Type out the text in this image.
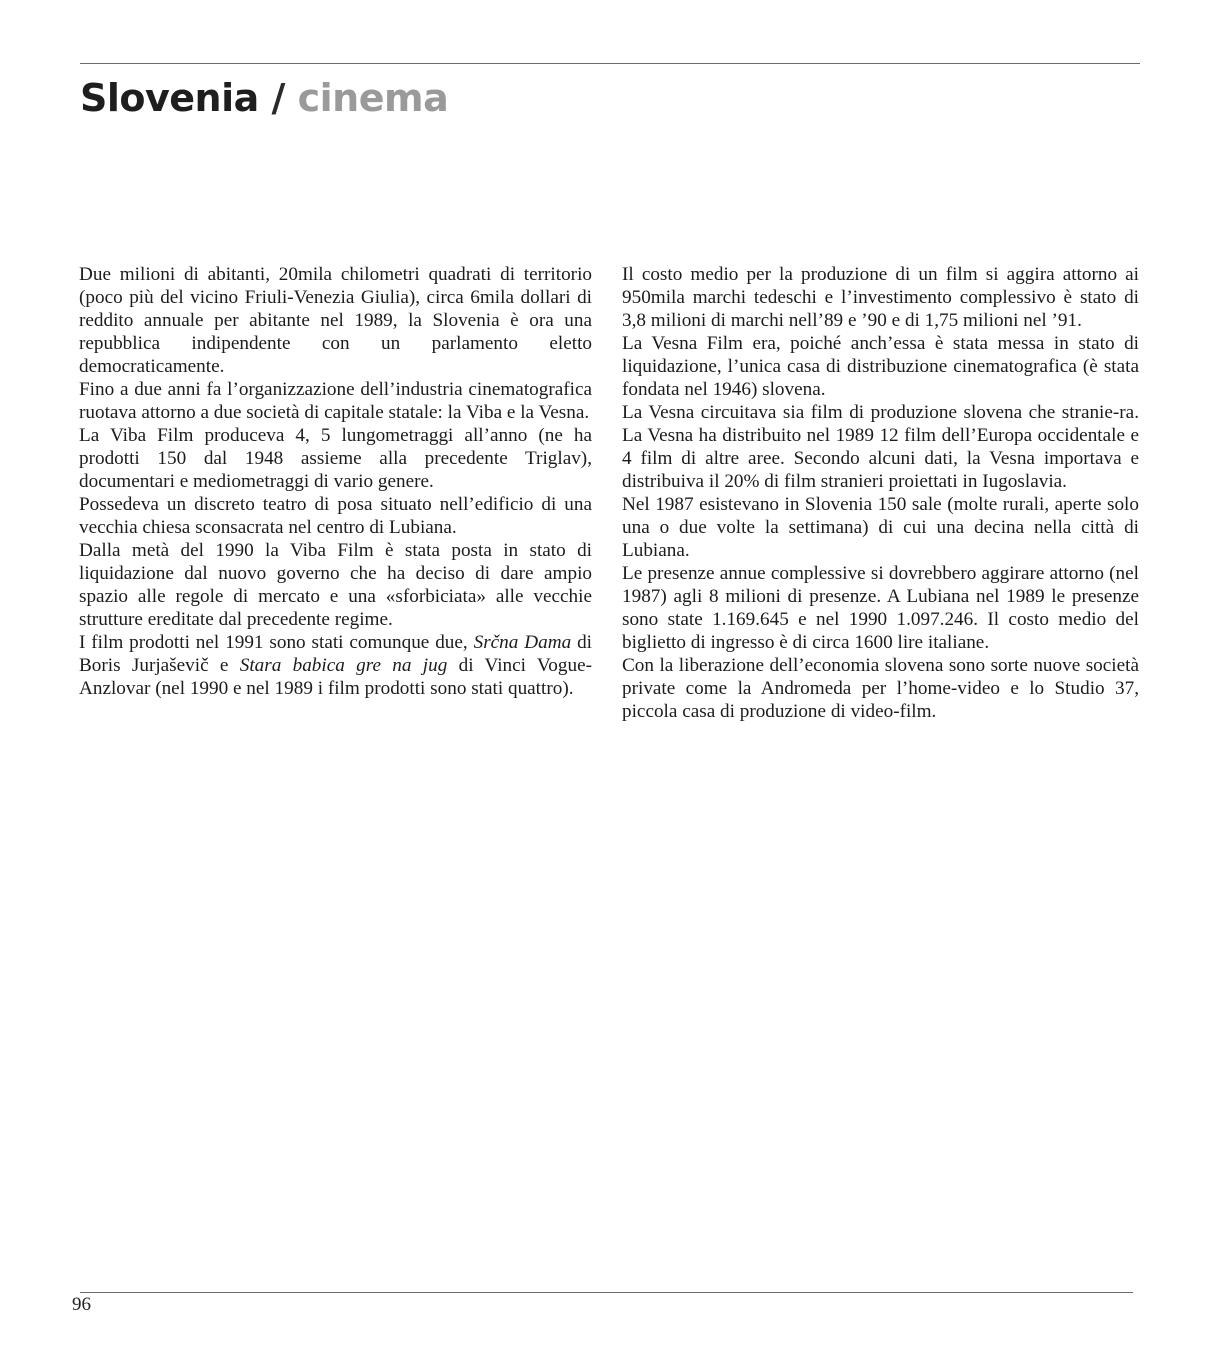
Slovenia / cinema

Due milioni di abitanti, 20mila chilometri quadrati di territorio (poco più del vicino Friuli-Venezia Giulia), circa 6mila dollari di reddito annuale per abitante nel 1989, la Slovenia è ora una repubblica indipendente con un parlamento eletto democraticamente.

Fino a due anni fa l’organizzazione dell’industria cinematografica ruotava attorno a due società di capitale statale: la Viba e la Vesna.

La Viba Film produceva 4, 5 lungometraggi all’anno (ne ha prodotti 150 dal 1948 assieme alla precedente Triglav), documentari e mediometraggi di vario genere.

Possedeva un discreto teatro di posa situato nell’edificio di una vecchia chiesa sconsacrata nel centro di Lubiana.

Dalla metà del 1990 la Viba Film è stata posta in stato di liquidazione dal nuovo governo che ha deciso di dare ampio spazio alle regole di mercato e una «sforbiciata» alle vecchie strutture ereditate dal precedente regime.

I film prodotti nel 1991 sono stati comunque due, Srčna Dama di Boris Jurjaševič e Stara babica gre na jug di Vinci Vogue-Anzlovar (nel 1990 e nel 1989 i film prodotti sono stati quattro).

Il costo medio per la produzione di un film si aggira attorno ai 950mila marchi tedeschi e l’investimento complessivo è stato di 3,8 milioni di marchi nell’89 e ’90 e di 1,75 milioni nel ’91.

La Vesna Film era, poiché anch’essa è stata messa in stato di liquidazione, l’unica casa di distribuzione cinematografica (è stata fondata nel 1946) slovena.

La Vesna circuitava sia film di produzione slovena che stranie-ra. La Vesna ha distribuito nel 1989 12 film dell’Europa occidentale e 4 film di altre aree. Secondo alcuni dati, la Vesna importava e distribuiva il 20% di film stranieri proiettati in Iugoslavia.

Nel 1987 esistevano in Slovenia 150 sale (molte rurali, aperte solo una o due volte la settimana) di cui una decina nella città di Lubiana.

Le presenze annue complessive si dovrebbero aggirare attorno (nel 1987) agli 8 milioni di presenze. A Lubiana nel 1989 le presenze sono state 1.169.645 e nel 1990 1.097.246. Il costo medio del biglietto di ingresso è di circa 1600 lire italiane.

Con la liberazione dell’economia slovena sono sorte nuove società private come la Andromeda per l’home-video e lo Studio 37, piccola casa di produzione di video-film.

96
